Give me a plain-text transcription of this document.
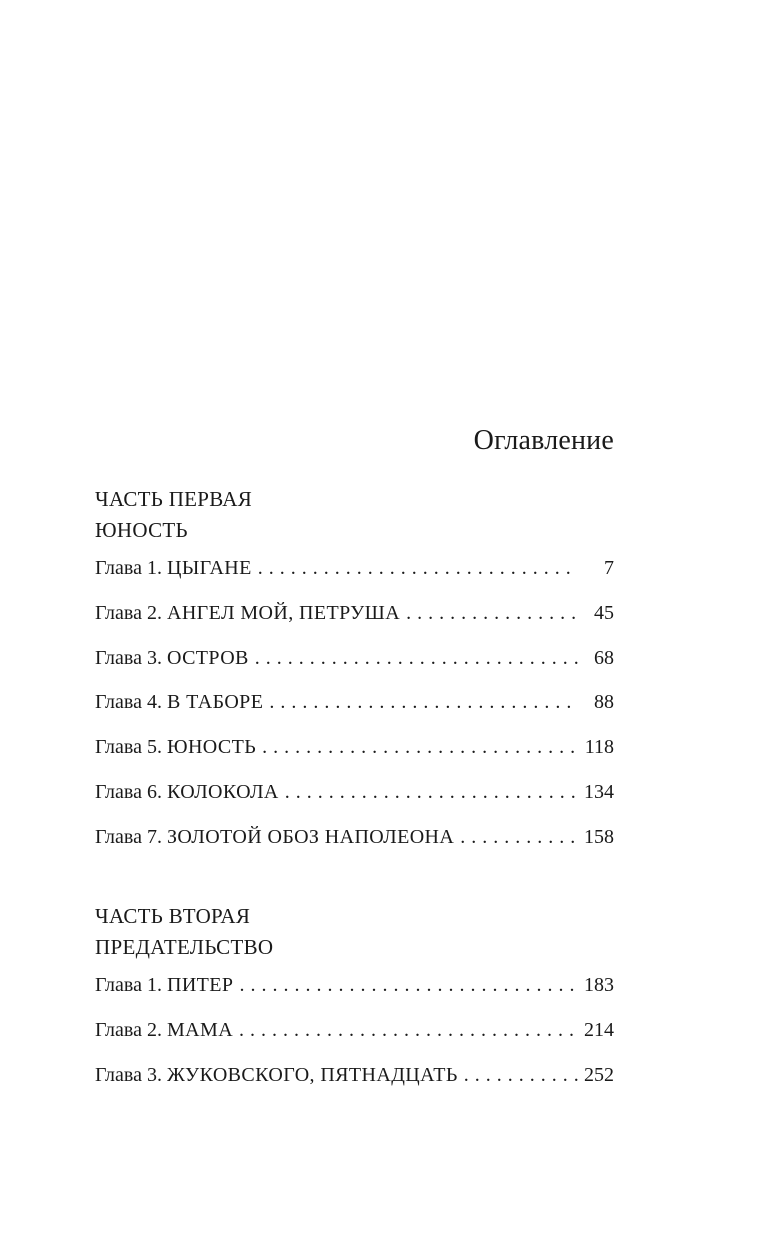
Оглавление
ЧАСТЬ ПЕРВАЯ
ЮНОСТЬ
Глава 1. ЦЫГАНЕ . . .	7
Глава 2. АНГЕЛ МОЙ, ПЕТРУША . . .	45
Глава 3. ОСТРОВ . . .	68
Глава 4. В ТАБОРЕ . . .	88
Глава 5. ЮНОСТЬ . . .	118
Глава 6. КОЛОКОЛА . . .	134
Глава 7. ЗОЛОТОЙ ОБОЗ НАПОЛЕОНА . . .	158
ЧАСТЬ ВТОРАЯ
ПРЕДАТЕЛЬСТВО
Глава 1. ПИТЕР . . .	183
Глава 2. МАМА . . .	214
Глава 3. ЖУКОВСКОГО, ПЯТНАДЦАТЬ . . .	252
